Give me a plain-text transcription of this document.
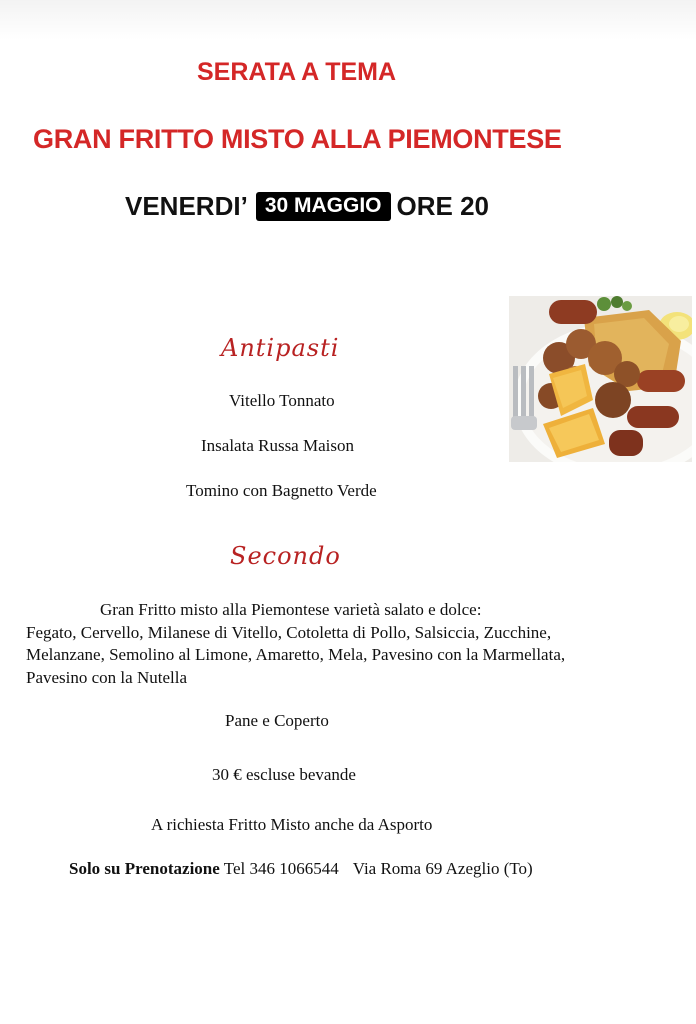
SERATA A TEMA
GRAN FRITTO MISTO ALLA PIEMONTESE
VENERDI’ 30 MAGGIO ORE 20
Antipasti
Vitello Tonnato
Insalata Russa Maison
Tomino con Bagnetto Verde
Secondo
Gran Fritto misto alla Piemontese varietà salato e dolce:
Fegato, Cervello, Milanese di Vitello, Cotoletta di Pollo, Salsiccia, Zucchine,
Melanzane, Semolino al Limone, Amaretto, Mela, Pavesino con la Marmellata,
Pavesino con la Nutella
Pane e Coperto
30 € escluse bevande
A richiesta Fritto Misto anche da Asporto
Solo su Prenotazione Tel 346 1066544 Via Roma 69 Azeglio (To)
